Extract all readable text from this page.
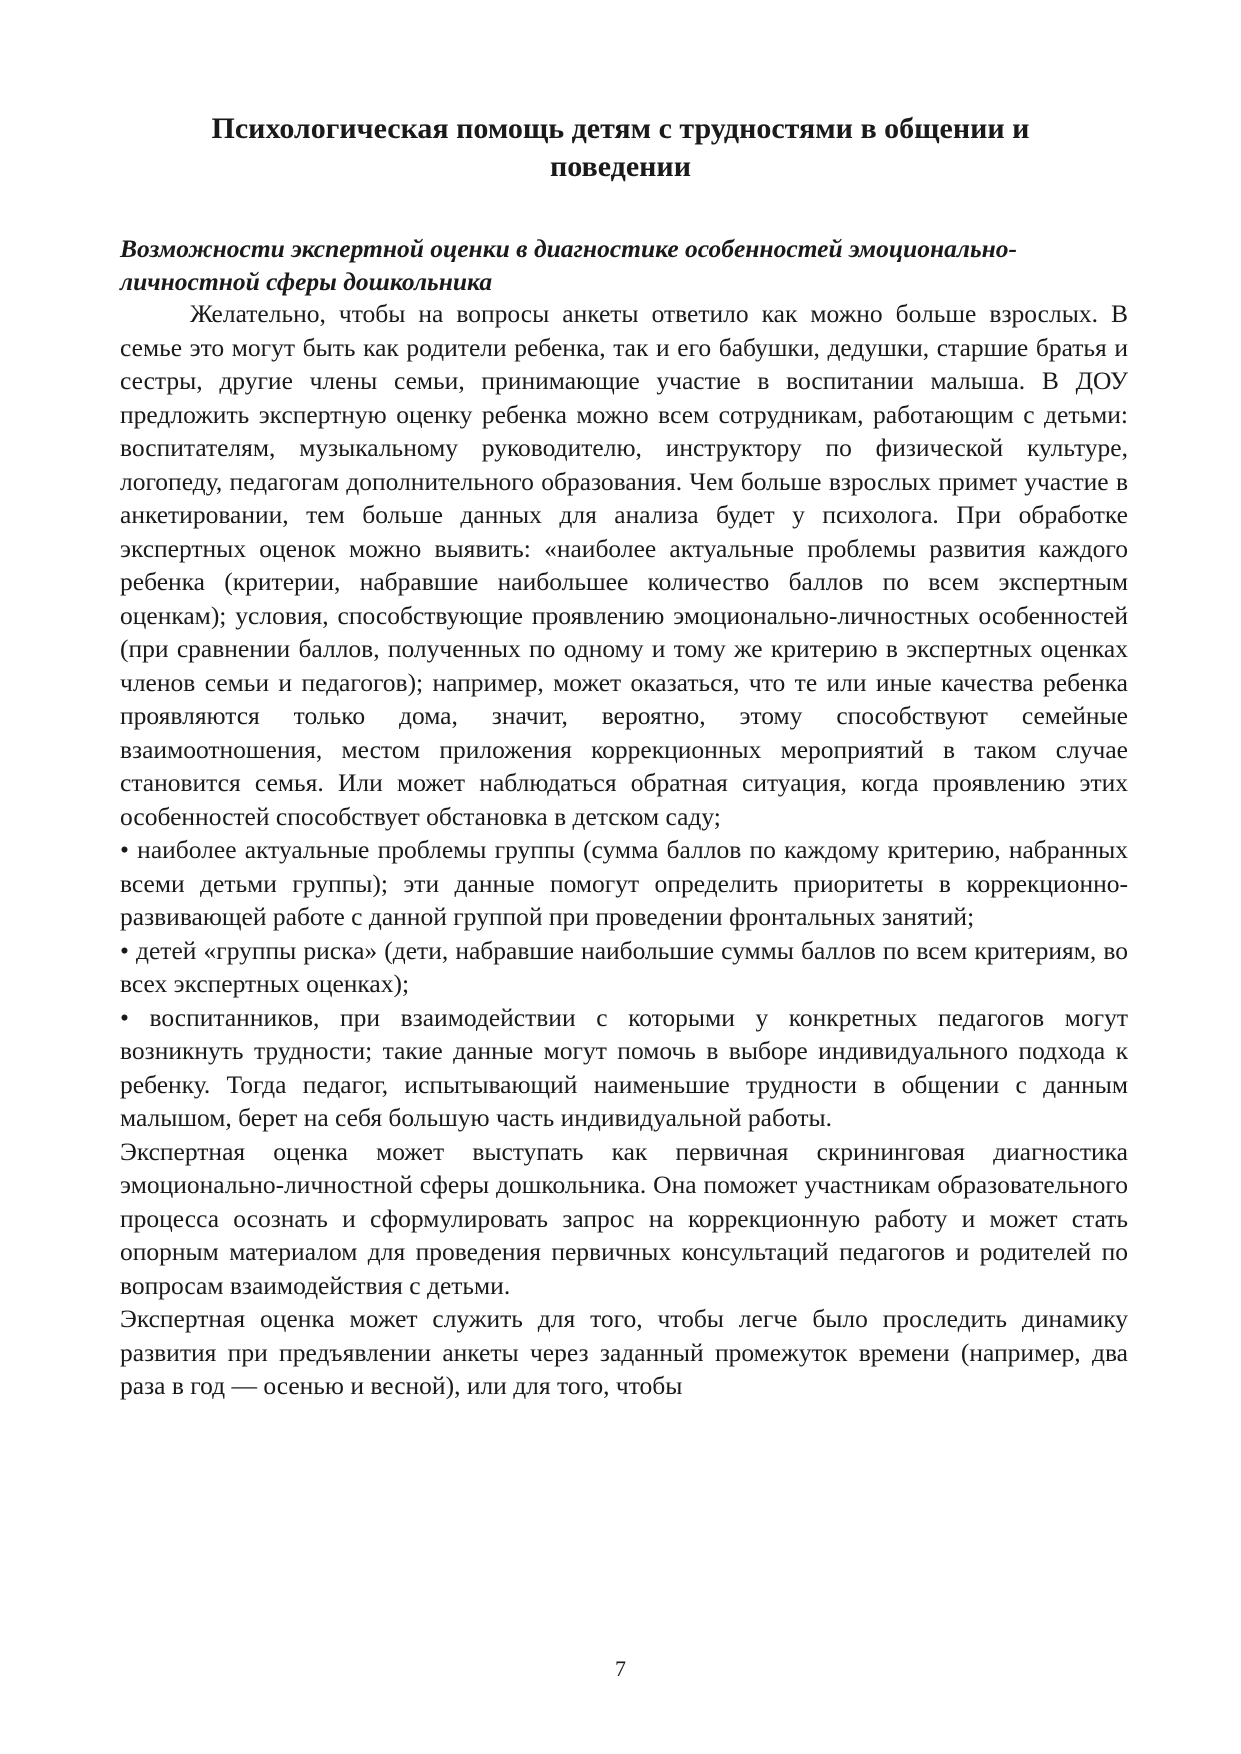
Психологическая помощь детям с трудностями в общении и поведении
Возможности экспертной оценки в диагностике особенностей эмоционально-личностной сферы дошкольника

Желательно, чтобы на вопросы анкеты ответило как можно больше взрослых. В семье это могут быть как родители ребенка, так и его бабушки, дедушки, старшие братья и сестры, другие члены семьи, принимающие участие в воспитании малыша. В ДОУ предложить экспертную оценку ребенка можно всем сотрудникам, работающим с детьми: воспитателям, музыкальному руководителю, инструктору по физической культуре, логопеду, педагогам дополнительного образования. Чем больше взрослых примет участие в анкетировании, тем больше данных для анализа будет у психолога. При обработке экспертных оценок можно выявить: «наиболее актуальные проблемы развития каждого ребенка (критерии, набравшие наибольшее количество баллов по всем экспертным оценкам); условия, способствующие проявлению эмоционально-личностных особенностей (при сравнении баллов, полученных по одному и тому же критерию в экспертных оценках членов семьи и педагогов); например, может оказаться, что те или иные качества ребенка проявляются только дома, значит, вероятно, этому способствуют семейные взаимоотношения, местом приложения коррекционных мероприятий в таком случае становится семья. Или может наблюдаться обратная ситуация, когда проявлению этих особенностей способствует обстановка в детском саду;

• наиболее актуальные проблемы группы (сумма баллов по каждому критерию, набранных всеми детьми группы); эти данные помогут определить приоритеты в коррекционно-развивающей работе с данной группой при проведении фронтальных занятий;

• детей «группы риска» (дети, набравшие наибольшие суммы баллов по всем критериям, во всех экспертных оценках);

• воспитанников, при взаимодействии с которыми у конкретных педагогов могут возникнуть трудности; такие данные могут помочь в выборе индивидуального подхода к ребенку. Тогда педагог, испытывающий наименьшие трудности в общении с данным малышом, берет на себя большую часть индивидуальной работы.

Экспертная оценка может выступать как первичная скрининговая диагностика эмоционально-личностной сферы дошкольника. Она поможет участникам образовательного процесса осознать и сформулировать запрос на коррекционную работу и может стать опорным материалом для проведения первичных консультаций педагогов и родителей по вопросам взаимодействия с детьми.

Экспертная оценка может служить для того, чтобы легче было проследить динамику развития при предъявлении анкеты через заданный промежуток времени (например, два раза в год — осенью и весной), или для того, чтобы

7
